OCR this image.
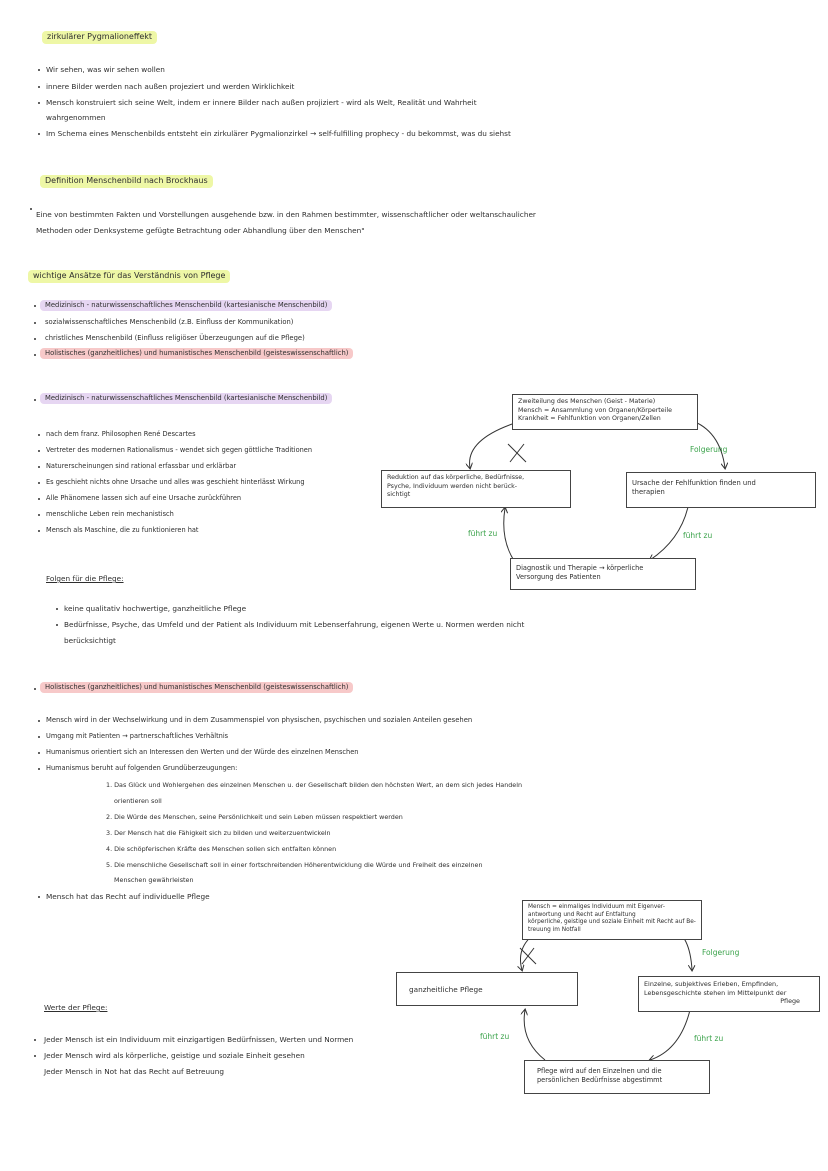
zirkulärer Pygmalioneffekt
Wir sehen, was wir sehen wollen
innere Bilder werden nach außen projeziert und werden Wirklichkeit
Mensch konstruiert sich seine Welt, indem er innere Bilder nach außen projiziert - wird als Welt, Realität und Wahrheit
wahrgenommen
Im Schema eines Menschenbilds entsteht ein zirkulärer Pygmalionzirkel → self-fulfilling prophecy - du bekommst, was du siehst
Definition Menschenbild nach Brockhaus
Eine von bestimmten Fakten und Vorstellungen ausgehende bzw. in den Rahmen bestimmter, wissenschaftlicher oder weltanschaulicher
Methoden oder Denksysteme gefügte Betrachtung oder Abhandlung über den Menschen"
wichtige Ansätze für das Verständnis von Pflege
Medizinisch - naturwissenschaftliches Menschenbild (kartesianische Menschenbild)
sozialwissenschaftliches Menschenbild (z.B. Einfluss der Kommunikation)
christliches Menschenbild (Einfluss religiöser Überzeugungen auf die Pflege)
Holistisches (ganzheitliches) und humanistisches Menschenbild (geisteswissenschaftlich)
Medizinisch - naturwissenschaftliches Menschenbild (kartesianische Menschenbild)
nach dem franz. Philosophen René Descartes
Vertreter des modernen Rationalismus - wendet sich gegen göttliche Traditionen
Naturerscheinungen sind rational erfassbar und erklärbar
Es geschieht nichts ohne Ursache und alles was geschieht hinterlässt Wirkung
Alle Phänomene lassen sich auf eine Ursache zurückführen
menschliche Leben rein mechanistisch
Mensch als Maschine, die zu funktionieren hat
Folgen für die Pflege:
keine qualitativ hochwertige, ganzheitliche Pflege
Bedürfnisse, Psyche, das Umfeld und der Patient als Individuum mit Lebenserfahrung, eigenen Werte u. Normen werden nicht
berücksichtigt
Zweiteilung des Menschen (Geist - Materie)
Mensch = Ansammlung von Organen/Körperteile
Krankheit = Fehlfunktion von Organen/Zellen
Reduktion auf das körperliche, Bedürfnisse,
Psyche, Individuum werden nicht berück-
sichtigt
Ursache der Fehlfunktion finden und
therapien
Diagnostik und Therapie → körperliche
Versorgung des Patienten
Folgerung
führt zu	führt zu
Holistisches (ganzheitliches) und humanistisches Menschenbild (geisteswissenschaftlich)
Mensch wird in der Wechselwirkung und in dem Zusammenspiel von physischen, psychischen und sozialen Anteilen gesehen
Umgang mit Patienten → partnerschaftliches Verhältnis
Humanismus orientiert sich an Interessen den Werten und der Würde des einzelnen Menschen
Humanismus beruht auf folgenden Grundüberzeugungen:
1. Das Glück und Wohlergehen des einzelnen Menschen u. der Gesellschaft bilden den höchsten Wert, an dem sich jedes Handeln
orientieren soll
2. Die Würde des Menschen, seine Persönlichkeit und sein Leben müssen respektiert werden
3. Der Mensch hat die Fähigkeit sich zu bilden und weiterzuentwickeln
4. Die schöpferischen Kräfte des Menschen sollen sich entfalten können
5. Die menschliche Gesellschaft soll in einer fortschreitenden Höherentwicklung die Würde und Freiheit des einzelnen
Menschen gewährleisten
Mensch hat das Recht auf individuelle Pflege
Mensch = einmaliges Individuum mit Eigenver-
antwortung und Recht auf Entfaltung
körperliche, geistige und soziale Einheit mit Recht auf Be-
treuung im Notfall
ganzheitliche Pflege
Einzelne, subjektives Erleben, Empfinden,
Lebensgeschichte stehen im Mittelpunkt der
Pflege
Pflege wird auf den Einzelnen und die
persönlichen Bedürfnisse abgestimmt
Folgerung
führt zu	führt zu
Werte der Pflege:
Jeder Mensch ist ein Individuum mit einzigartigen Bedürfnissen, Werten und Normen
Jeder Mensch wird als körperliche, geistige und soziale Einheit gesehen
Jeder Mensch in Not hat das Recht auf Betreuung
